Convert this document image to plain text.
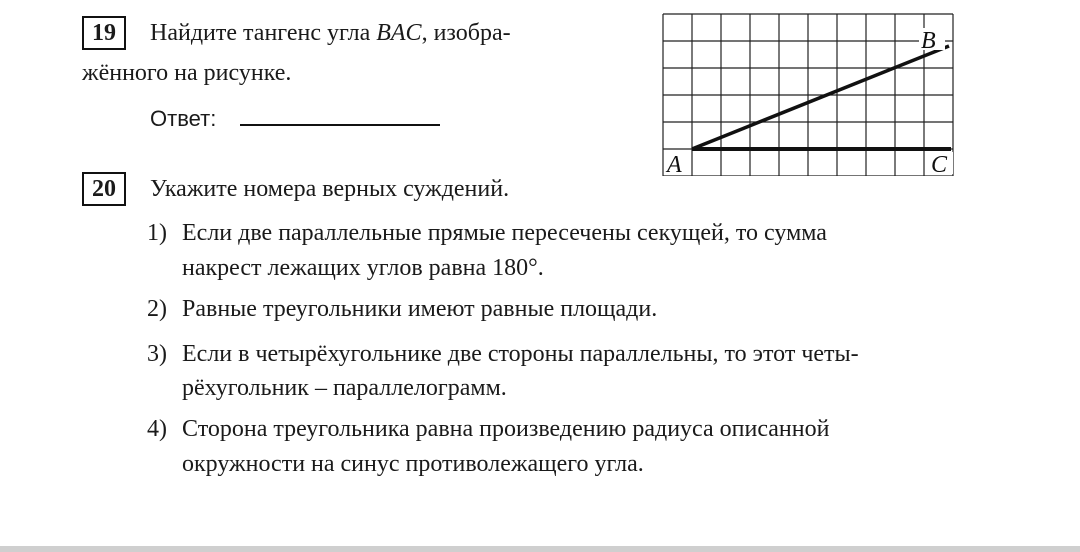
19	Найдите тангенс угла BAC, изобра-
жённого на рисунке.
Ответ:
A	C
B
20	Укажите номера верных суждений.
1) Если две параллельные прямые пересечены секущей, то сумма
накрест лежащих углов равна 180°.
2) Равные треугольники имеют равные площади.
3) Если в четырёхугольнике две стороны параллельны, то этот четы-
рёхугольник – параллелограмм.
4) Сторона треугольника равна произведению радиуса описанной
окружности на синус противолежащего угла.
